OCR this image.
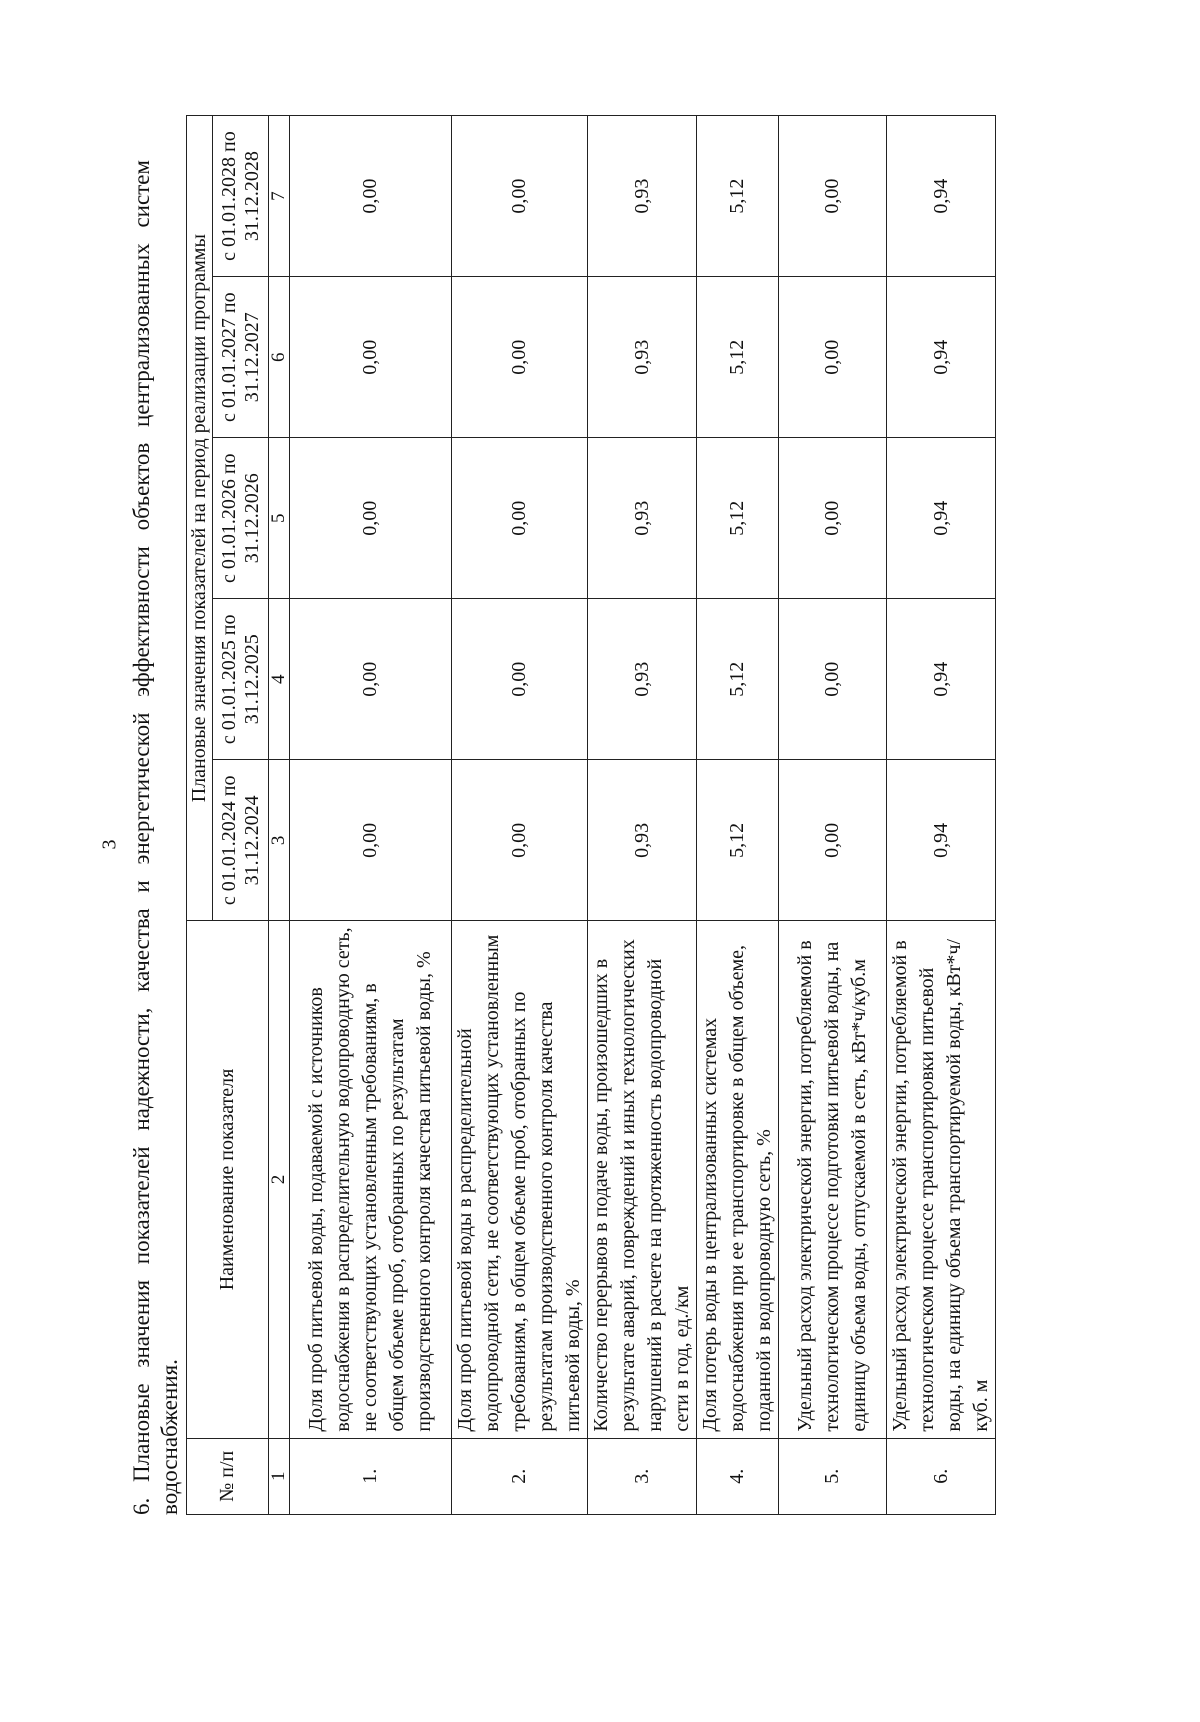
3 6. Плановые значения показателей надежности, качества и энергетической эффективности объектов централизованных систем водоснабжения. № п/п	Наименование показателя	Плановые значения показателей на период реализации программы				
		с 01.01.2024 по 31.12.2024	с 01.01.2025 по 31.12.2025	с 01.01.2026 по 31.12.2026	с 01.01.2027 по 31.12.2027	с 01.01.2028 по 31.12.2028
1	2	3	4	5	6	7
1.	Доля проб питьевой воды, подаваемой с источников водоснабжения в распределительную водопроводную сеть, не соответствующих установленным требованиям, в общем объеме проб, отобранных по результатам производственного контроля качества питьевой воды, %	0,00	0,00	0,00	0,00	0,00
2.	Доля проб питьевой воды в распределительной водопроводной сети, не соответствующих установленным требованиям, в общем объеме проб, отобранных по результатам производственного контроля качества питьевой воды, %	0,00	0,00	0,00	0,00	0,00
3.	Количество перерывов в подаче воды, произошедших в результате аварий, повреждений и иных технологических нарушений в расчете на протяженность водопроводной сети в год, ед./км	0,93	0,93	0,93	0,93	0,93
4.	Доля потерь воды в централизованных системах водоснабжения при ее транспортировке в общем объеме, поданной в водопроводную сеть, %	5,12	5,12	5,12	5,12	5,12
5.	Удельный расход электрической энергии, потребляемой в технологическом процессе подготовки питьевой воды, на единицу объема воды, отпускаемой в сеть, кВт*ч/куб.м	0,00	0,00	0,00	0,00	0,00
6.	Удельный расход электрической энергии, потребляемой в технологическом процессе транспортировки питьевой воды, на единицу объема транспортируемой воды, кВт*ч/куб. м	0,94	0,94	0,94	0,94	0,94
